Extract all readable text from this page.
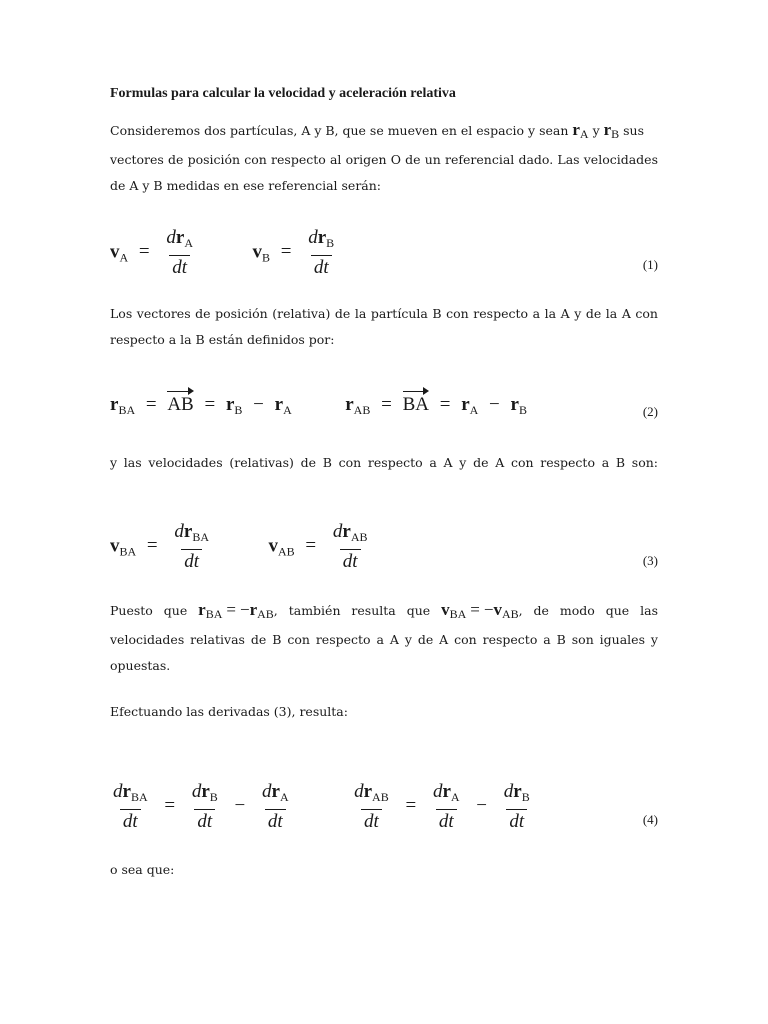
Formulas para calcular la velocidad y aceleración relativa
Consideremos dos partículas, A y B, que se mueven en el espacio y sean rA y rB sus
vectores de posición con respecto al origen O de un referencial dado. Las velocidades
de A y B medidas en ese referencial serán:
$v_A = \frac{dr_A}{dt}$	$v_B = \frac{dr_B}{dt}$	(1)
Los vectores de posición (relativa) de la partícula B con respecto a la A y de la A con
respecto a la B están definidos por:
$r_{BA}$ = AB = $r_B - r_A$	$r_{AB}$ = BA = $r_A - r_B$	(2)
y las velocidades (relativas) de B con respecto a A y de A con respecto a B son:
$v_{BA} = \frac{dr_{BA}}{dt}$	$v_{AB} = \frac{dr_{AB}}{dt}$	(3)
Puesto que rBA = −rAB, también resulta que vBA = −vAB, de modo que las
velocidades relativas de B con respecto a A y de A con respecto a B son iguales y
opuestas.
Efectuando las derivadas (3), resulta:
$\frac{dr_{BA}}{dt} = \frac{dr_B}{dt} - \frac{dr_A}{dt}$
	$\frac{dr_{AB}}{dt} = \frac{dr_A}{dt} - \frac{dr_B}{dt}$	(4)
o sea que:
